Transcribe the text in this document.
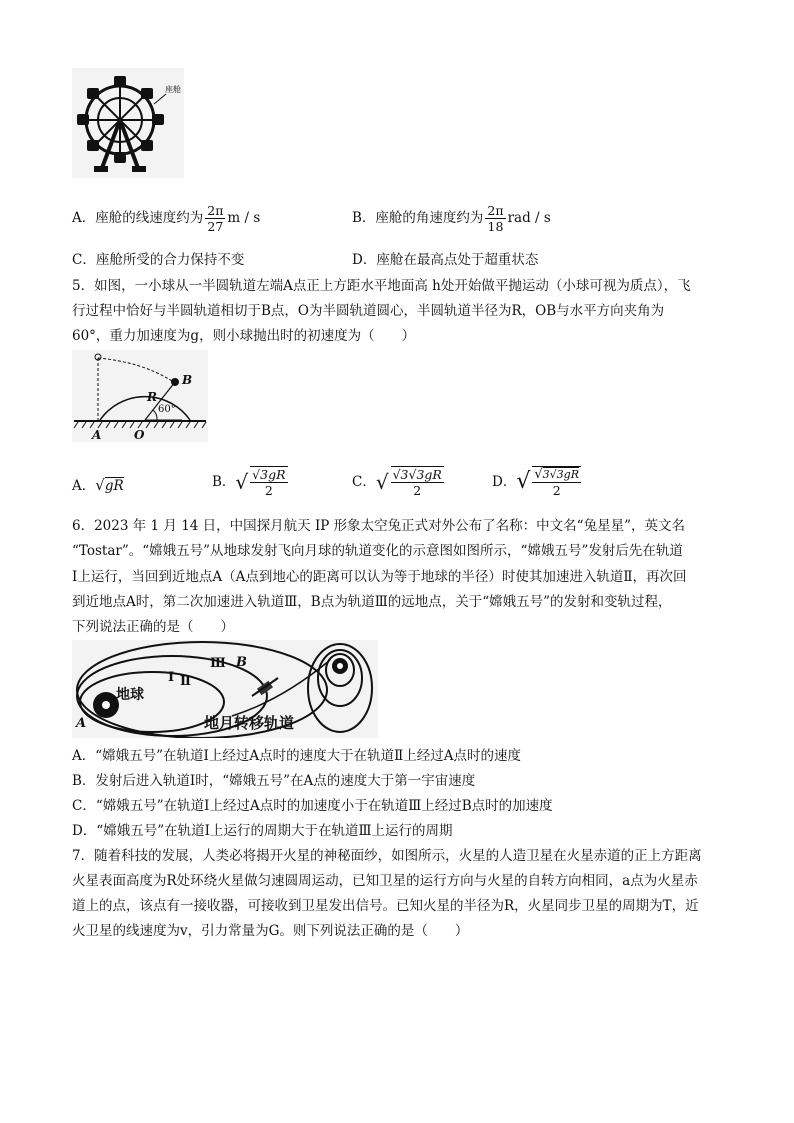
座舱
A．座舱的线速度约为 $\frac{2\pi}{27}$ m / s	B．座舱的角速度约为 $\frac{2\pi}{18}$ rad / s
C．座舱所受的合力保持不变	D．座舱在最高点处于超重状态
5．如图，一小球从一半圆轨道左端A点正上方距水平地面高 h处开始做平抛运动（小球可视为质点），飞
行过程中恰好与半圆轨道相切于B点，O为半圆轨道圆心，半圆轨道半径为R，OB与水平方向夹角为
60°，重力加速度为g，则小球抛出时的初速度为（　　）
B
R
60°
A	O
A．√gR	B．√ $\frac{√3gR}{2}$	C．√ $\frac{√3√3gR}{2}$	D．√ $\frac{√3√3gR}{2}$
6．2023 年 1 月 14 日，中国探月航天 IP 形象太空兔正式对外公布了名称：中文名“兔星星”，英文名
“Tostar”。“嫦娥五号”从地球发射飞向月球的轨道变化的示意图如图所示，“嫦娥五号”发射后先在轨道
Ⅰ上运行，当回到近地点A（A点到地心的距离可以认为等于地球的半径）时使其加速进入轨道Ⅱ，再次回
到近地点A时，第二次加速进入轨道Ⅲ，B点为轨道Ⅲ的远地点，关于“嫦娥五号”的发射和变轨过程，
下列说法正确的是（　　）
地球
Ⅰ Ⅱ
Ⅲ B
A	地月转移轨道
A．“嫦娥五号”在轨道Ⅰ上经过A点时的速度大于在轨道Ⅱ上经过A点时的速度
B．发射后进入轨道Ⅰ时，“嫦娥五号”在A点的速度大于第一宇宙速度
C．“嫦娥五号”在轨道Ⅰ上经过A点时的加速度小于在轨道Ⅲ上经过B点时的加速度
D．“嫦娥五号”在轨道Ⅰ上运行的周期大于在轨道Ⅲ上运行的周期
7．随着科技的发展，人类必将揭开火星的神秘面纱，如图所示，火星的人造卫星在火星赤道的正上方距离
火星表面高度为R处环绕火星做匀速圆周运动，已知卫星的运行方向与火星的自转方向相同，a点为火星赤
道上的点，该点有一接收器，可接收到卫星发出信号。已知火星的半径为R，火星同步卫星的周期为T，近
火卫星的线速度为v，引力常量为G。则下列说法正确的是（　　）
